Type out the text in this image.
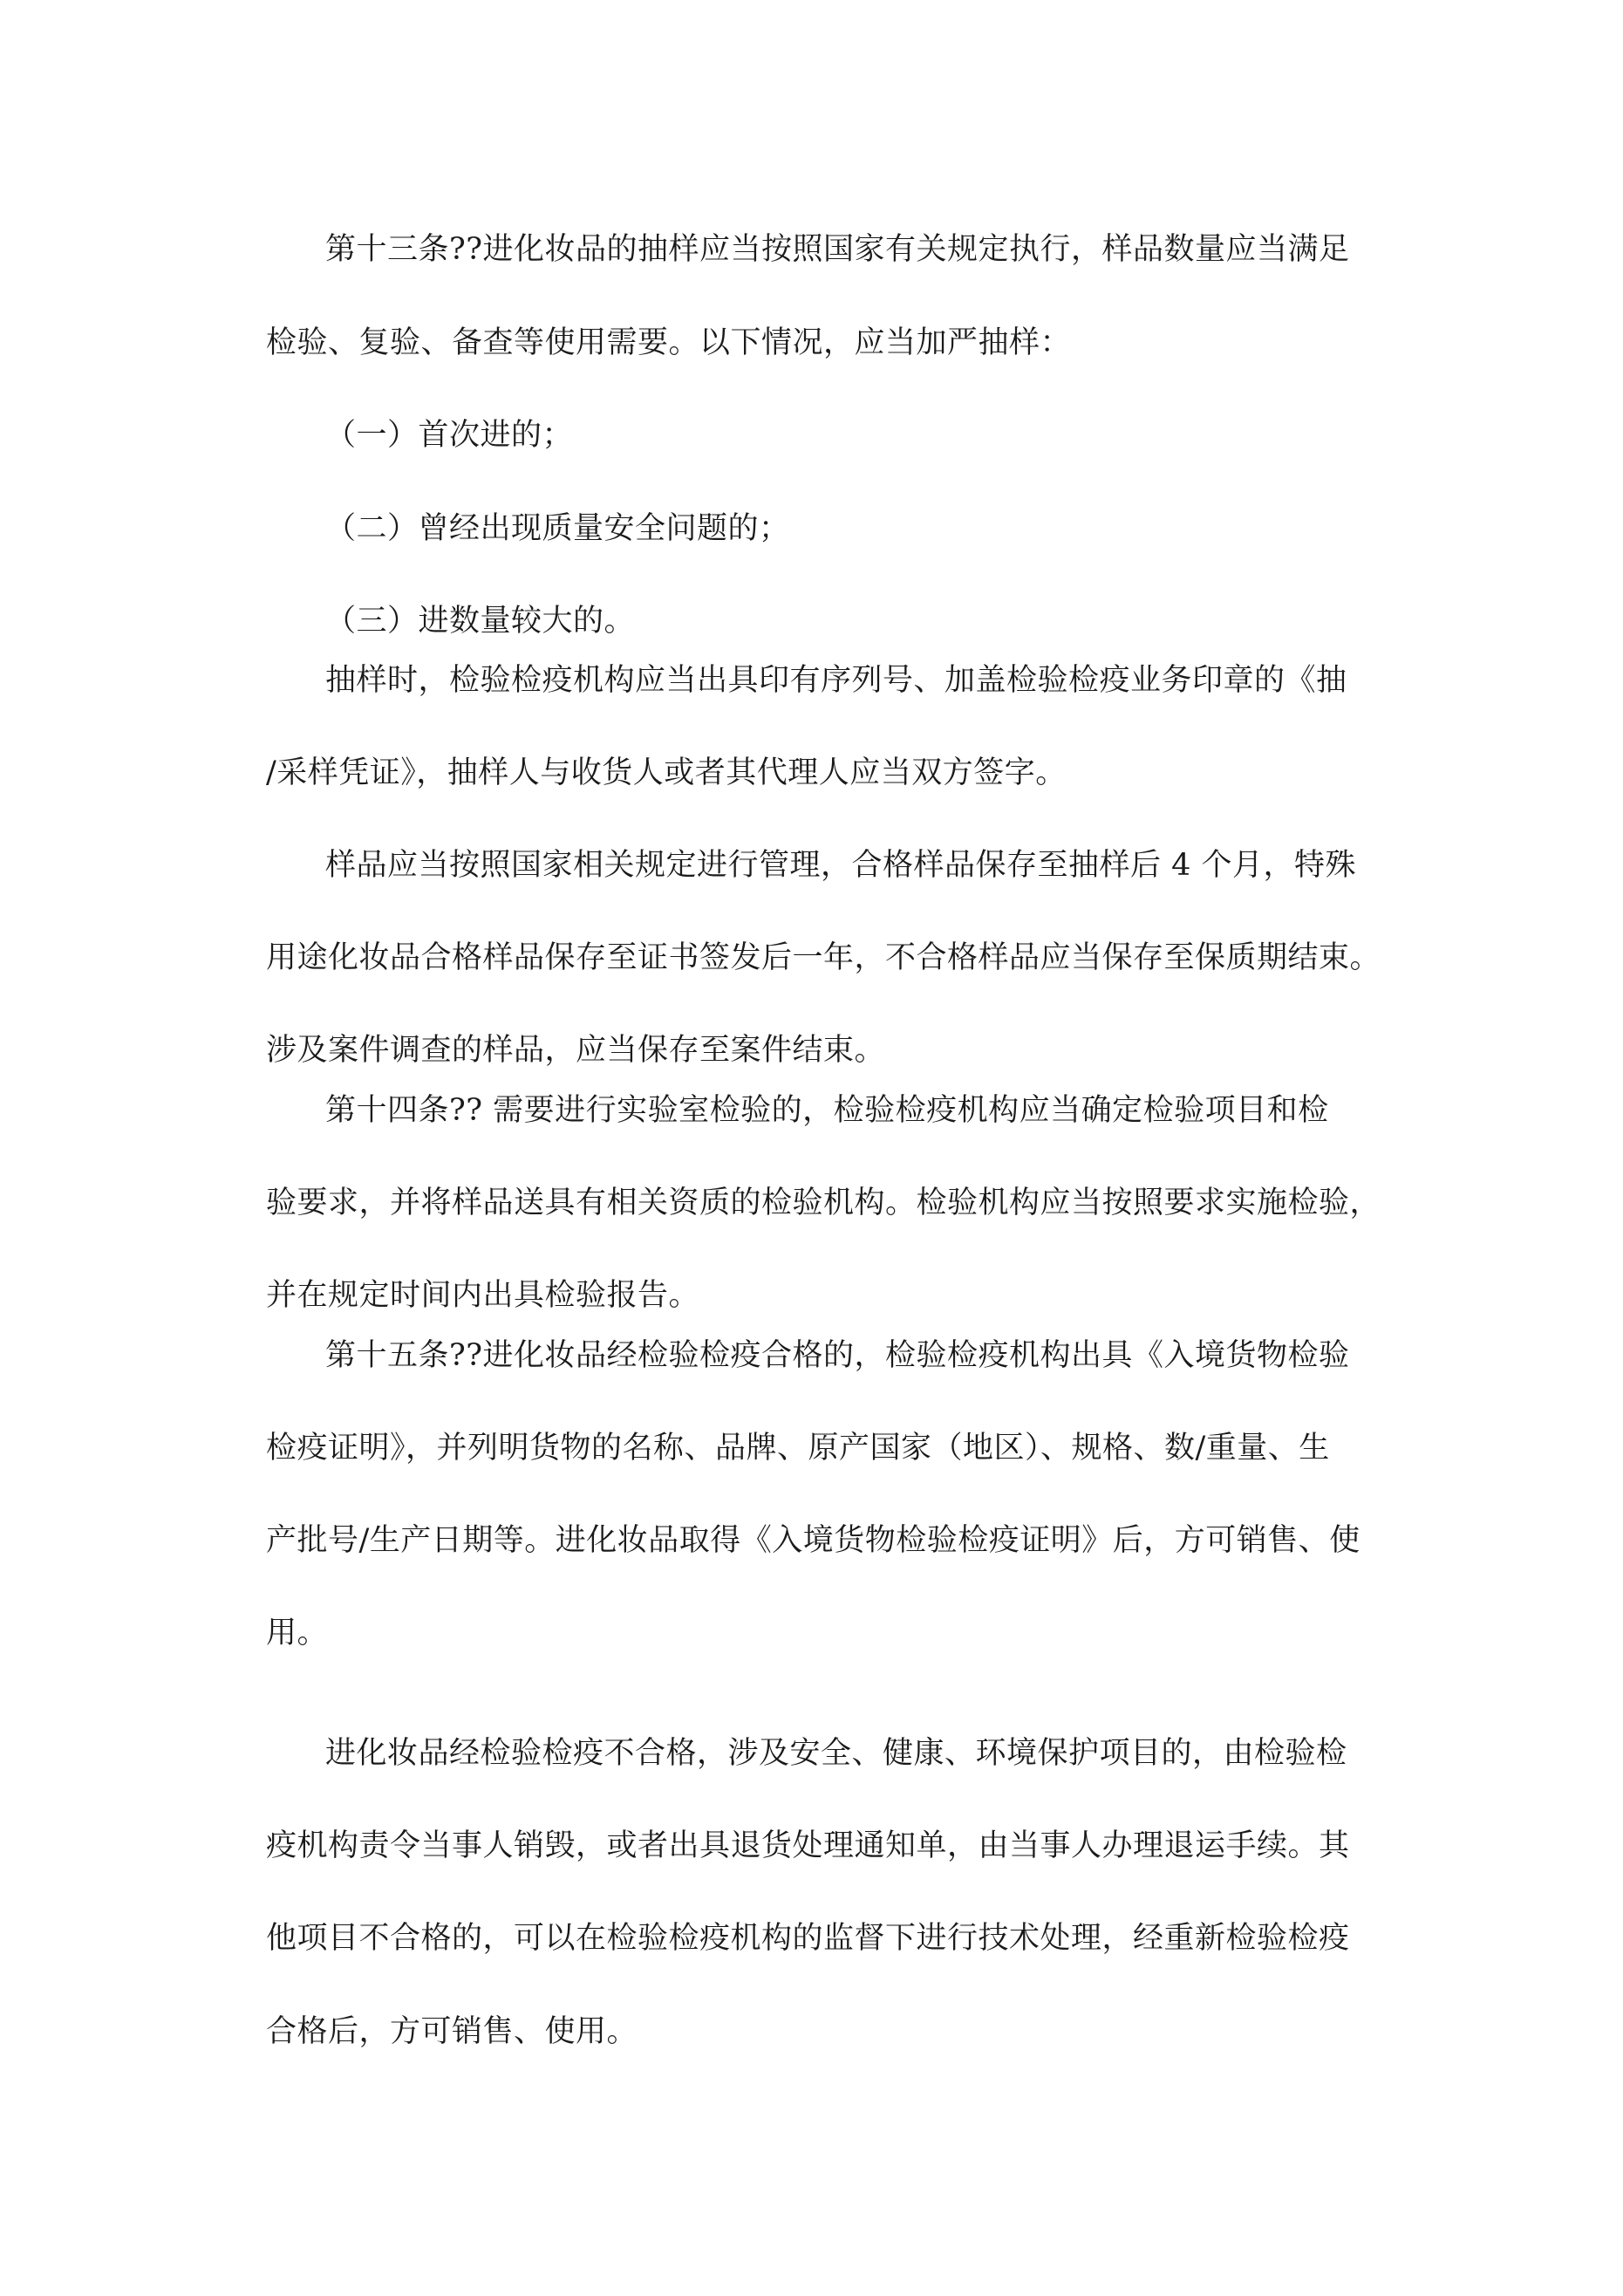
第十三条??进化妆品的抽样应当按照国家有关规定执行，样品数量应当满足
检验、复验、备查等使用需要。以下情况，应当加严抽样：
（一）首次进的；
（二）曾经出现质量安全问题的；
（三）进数量较大的。
抽样时，检验检疫机构应当出具印有序列号、加盖检验检疫业务印章的《抽
/采样凭证》，抽样人与收货人或者其代理人应当双方签字。
样品应当按照国家相关规定进行管理，合格样品保存至抽样后 4 个月，特殊
用途化妆品合格样品保存至证书签发后一年，不合格样品应当保存至保质期结束。
涉及案件调查的样品，应当保存至案件结束。
第十四条?? 需要进行实验室检验的，检验检疫机构应当确定检验项目和检
验要求，并将样品送具有相关资质的检验机构。检验机构应当按照要求实施检验，
并在规定时间内出具检验报告。
第十五条??进化妆品经检验检疫合格的，检验检疫机构出具《入境货物检验
检疫证明》，并列明货物的名称、品牌、原产国家（地区）、规格、数/重量、生
产批号/生产日期等。进化妆品取得《入境货物检验检疫证明》后，方可销售、使
用。
进化妆品经检验检疫不合格，涉及安全、健康、环境保护项目的，由检验检
疫机构责令当事人销毁，或者出具退货处理通知单，由当事人办理退运手续。其
他项目不合格的，可以在检验检疫机构的监督下进行技术处理，经重新检验检疫
合格后，方可销售、使用。
